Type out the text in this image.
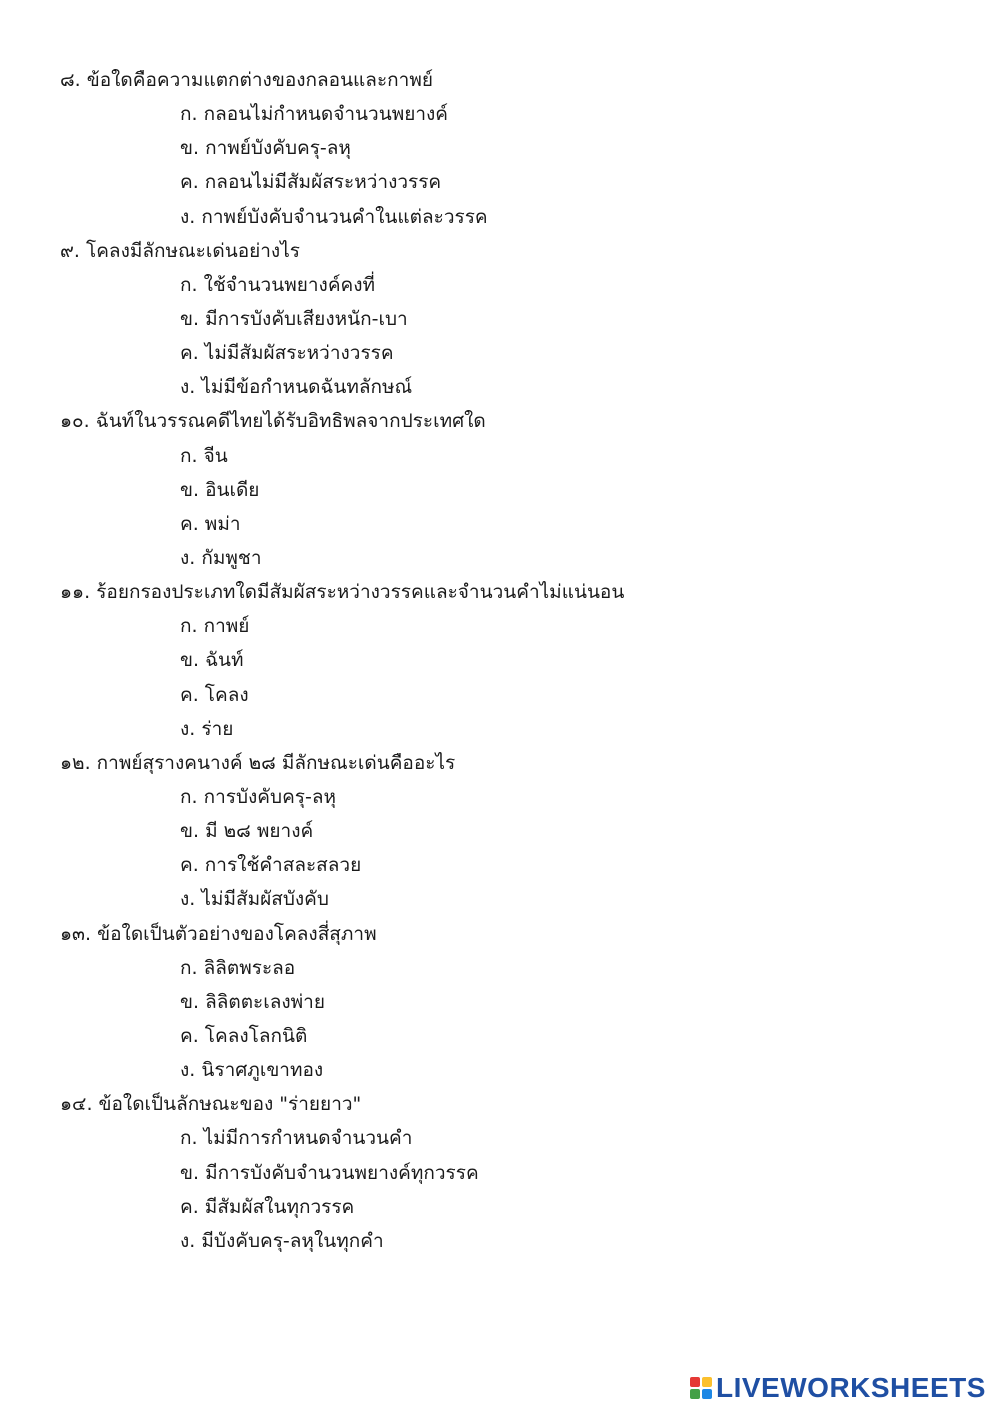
๘. ข้อใดคือความแตกต่างของกลอนและกาพย์
ก. กลอนไม่กำหนดจำนวนพยางค์
ข. กาพย์บังคับครุ-ลหุ
ค. กลอนไม่มีสัมผัสระหว่างวรรค
ง. กาพย์บังคับจำนวนคำในแต่ละวรรค
๙. โคลงมีลักษณะเด่นอย่างไร
ก. ใช้จำนวนพยางค์คงที่
ข. มีการบังคับเสียงหนัก-เบา
ค. ไม่มีสัมผัสระหว่างวรรค
ง. ไม่มีข้อกำหนดฉันทลักษณ์
๑๐. ฉันท์ในวรรณคดีไทยได้รับอิทธิพลจากประเทศใด
ก. จีน
ข. อินเดีย
ค. พม่า
ง. กัมพูชา
๑๑. ร้อยกรองประเภทใดมีสัมผัสระหว่างวรรคและจำนวนคำไม่แน่นอน
ก. กาพย์
ข. ฉันท์
ค. โคลง
ง. ร่าย
๑๒. กาพย์สุรางคนางค์ ๒๘ มีลักษณะเด่นคืออะไร
ก. การบังคับครุ-ลหุ
ข. มี ๒๘ พยางค์
ค. การใช้คำสละสลวย
ง. ไม่มีสัมผัสบังคับ
๑๓. ข้อใดเป็นตัวอย่างของโคลงสี่สุภาพ
ก. ลิลิตพระลอ
ข. ลิลิตตะเลงพ่าย
ค. โคลงโลกนิติ
ง. นิราศภูเขาทอง
๑๔. ข้อใดเป็นลักษณะของ "ร่ายยาว"
ก. ไม่มีการกำหนดจำนวนคำ
ข. มีการบังคับจำนวนพยางค์ทุกวรรค
ค. มีสัมผัสในทุกวรรค
ง. มีบังคับครุ-ลหุในทุกคำ
LIVEWORKSHEETS
